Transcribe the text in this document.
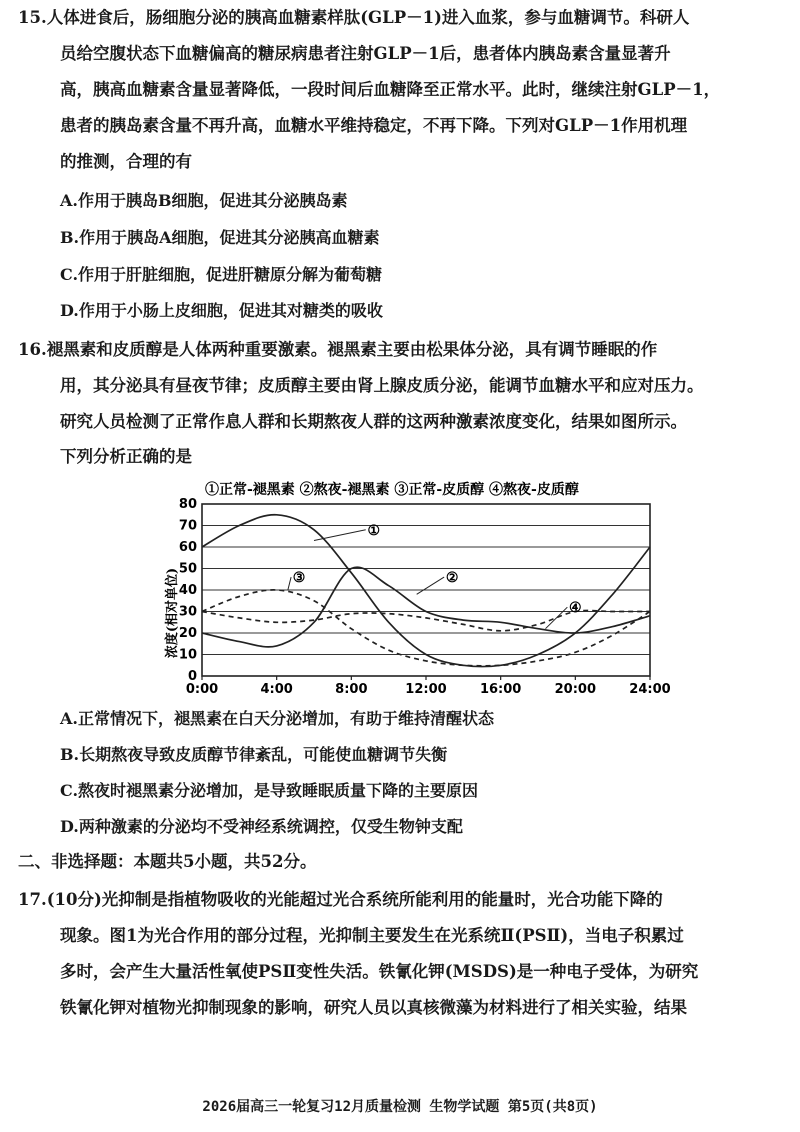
15.人体进食后，肠细胞分泌的胰高血糖素样肽(GLP－1)进入血浆，参与血糖调节。科研人
员给空腹状态下血糖偏高的糖尿病患者注射GLP－1后，患者体内胰岛素含量显著升
高，胰高血糖素含量显著降低，一段时间后血糖降至正常水平。此时，继续注射GLP－1，
患者的胰岛素含量不再升高，血糖水平维持稳定，不再下降。下列对GLP－1作用机理
的推测，合理的有
A.作用于胰岛B细胞，促进其分泌胰岛素
B.作用于胰岛A细胞，促进其分泌胰高血糖素
C.作用于肝脏细胞，促进肝糖原分解为葡萄糖
D.作用于小肠上皮细胞，促进其对糖类的吸收
16.褪黑素和皮质醇是人体两种重要激素。褪黑素主要由松果体分泌，具有调节睡眠的作
用，其分泌具有昼夜节律；皮质醇主要由肾上腺皮质分泌，能调节血糖水平和应对压力。
研究人员检测了正常作息人群和长期熬夜人群的这两种激素浓度变化，结果如图所示。
下列分析正确的是
①正常-褪黑素 ②熬夜-褪黑素 ③正常-皮质醇 ④熬夜-皮质醇
0
10
20
30
40
50
60
70
80
0:00	4:00	8:00	12:00	16:00	20:00	24:00
①
②
③
④
浓度(相对单位)
A.正常情况下，褪黑素在白天分泌增加，有助于维持清醒状态
B.长期熬夜导致皮质醇节律紊乱，可能使血糖调节失衡
C.熬夜时褪黑素分泌增加，是导致睡眠质量下降的主要原因
D.两种激素的分泌均不受神经系统调控，仅受生物钟支配
二、非选择题：本题共5小题，共52分。
17.(10分)光抑制是指植物吸收的光能超过光合系统所能利用的能量时，光合功能下降的
现象。图1为光合作用的部分过程，光抑制主要发生在光系统Ⅱ(PSⅡ)，当电子积累过
多时，会产生大量活性氧使PSⅡ变性失活。铁氰化钾(MSDS)是一种电子受体，为研究
铁氰化钾对植物光抑制现象的影响，研究人员以真核微藻为材料进行了相关实验，结果
2026届高三一轮复习12月质量检测 生物学试题 第5页(共8页)
